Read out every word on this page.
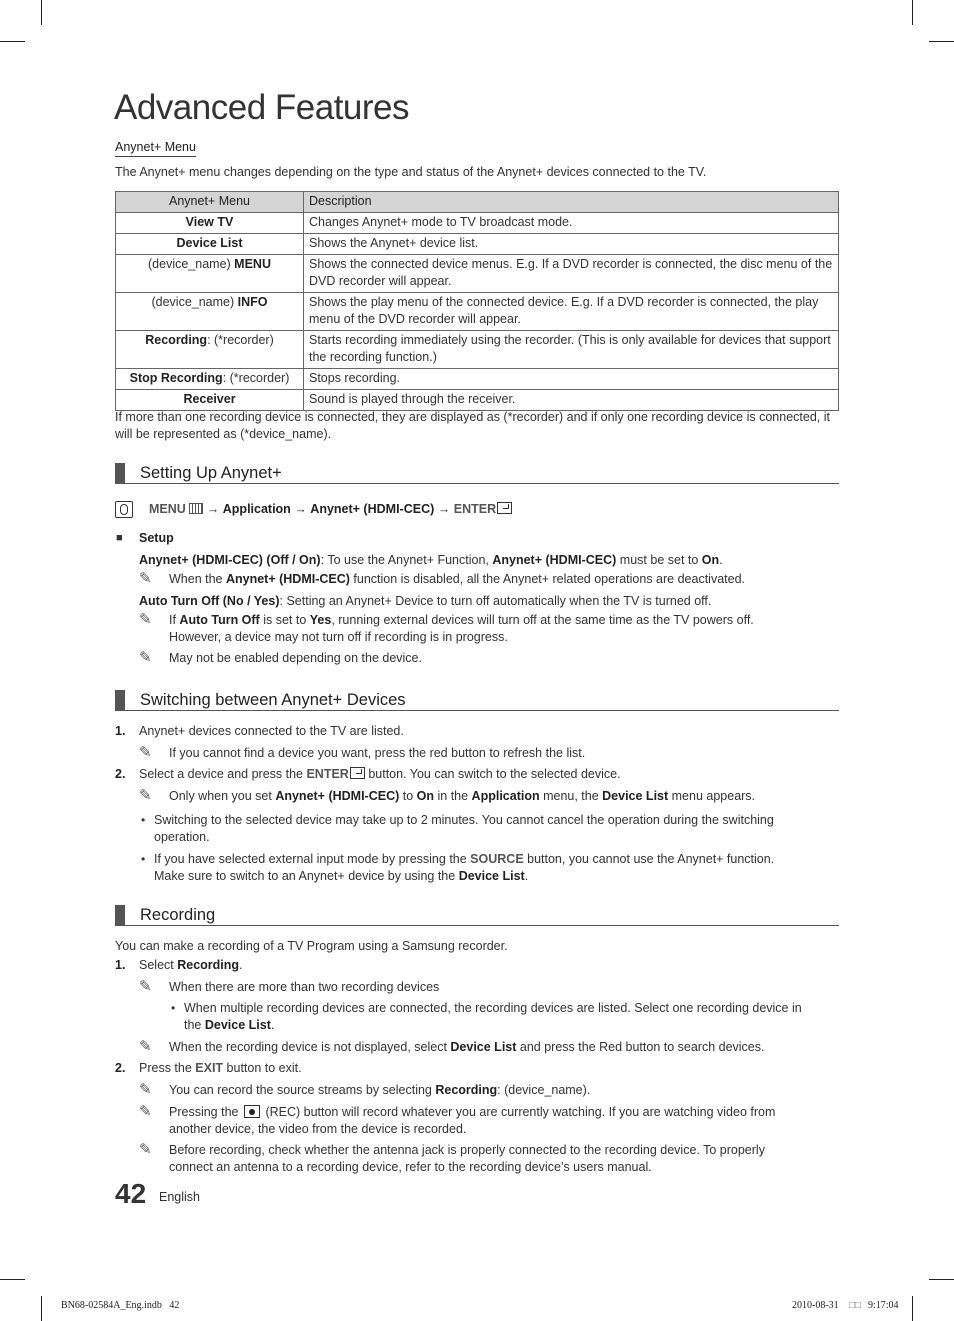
Advanced Features
Anynet+ Menu
The Anynet+ menu changes depending on the type and status of the Anynet+ devices connected to the TV.
Anynet+ Menu	Description
View TV	Changes Anynet+ mode to TV broadcast mode.
Device List	Shows the Anynet+ device list.
(device_name) MENU	Shows the connected device menus. E.g. If a DVD recorder is connected, the disc menu of the DVD recorder will appear.
(device_name) INFO	Shows the play menu of the connected device. E.g. If a DVD recorder is connected, the play menu of the DVD recorder will appear.
Recording: (*recorder)	Starts recording immediately using the recorder. (This is only available for devices that support the recording function.)
Stop Recording: (*recorder)	Stops recording.
Receiver	Sound is played through the receiver.
If more than one recording device is connected, they are displayed as (*recorder) and if only one recording device is connected, it will be represented as (*device_name).
Setting Up Anynet+
MENU → Application → Anynet+ (HDMI-CEC) → ENTER
■ Setup
Anynet+ (HDMI-CEC) (Off / On): To use the Anynet+ Function, Anynet+ (HDMI-CEC) must be set to On.
✎ When the Anynet+ (HDMI-CEC) function is disabled, all the Anynet+ related operations are deactivated.
Auto Turn Off (No / Yes): Setting an Anynet+ Device to turn off automatically when the TV is turned off.
✎ If Auto Turn Off is set to Yes, running external devices will turn off at the same time as the TV powers off.
However, a device may not turn off if recording is in progress.
✎ May not be enabled depending on the device.
Switching between Anynet+ Devices
1. Anynet+ devices connected to the TV are listed.
✎ If you cannot find a device you want, press the red button to refresh the list.
2. Select a device and press the ENTER button. You can switch to the selected device.
✎ Only when you set Anynet+ (HDMI-CEC) to On in the Application menu, the Device List menu appears.
• Switching to the selected device may take up to 2 minutes. You cannot cancel the operation during the switching
operation.
• If you have selected external input mode by pressing the SOURCE button, you cannot use the Anynet+ function.
Make sure to switch to an Anynet+ device by using the Device List.
Recording
You can make a recording of a TV Program using a Samsung recorder.
1. Select Recording.
✎ When there are more than two recording devices
• When multiple recording devices are connected, the recording devices are listed. Select one recording device in
the Device List.
✎ When the recording device is not displayed, select Device List and press the Red button to search devices.
2. Press the EXIT button to exit.
✎ You can record the source streams by selecting Recording: (device_name).
✎ Pressing the  (REC) button will record whatever you are currently watching. If you are watching video from
another device, the video from the device is recorded.
✎ Before recording, check whether the antenna jack is properly connected to the recording device. To properly
connect an antenna to a recording device, refer to the recording device’s users manual.
42 English
BN68-02584A_Eng.indb   42	2010-08-31 □□ 9:17:04
